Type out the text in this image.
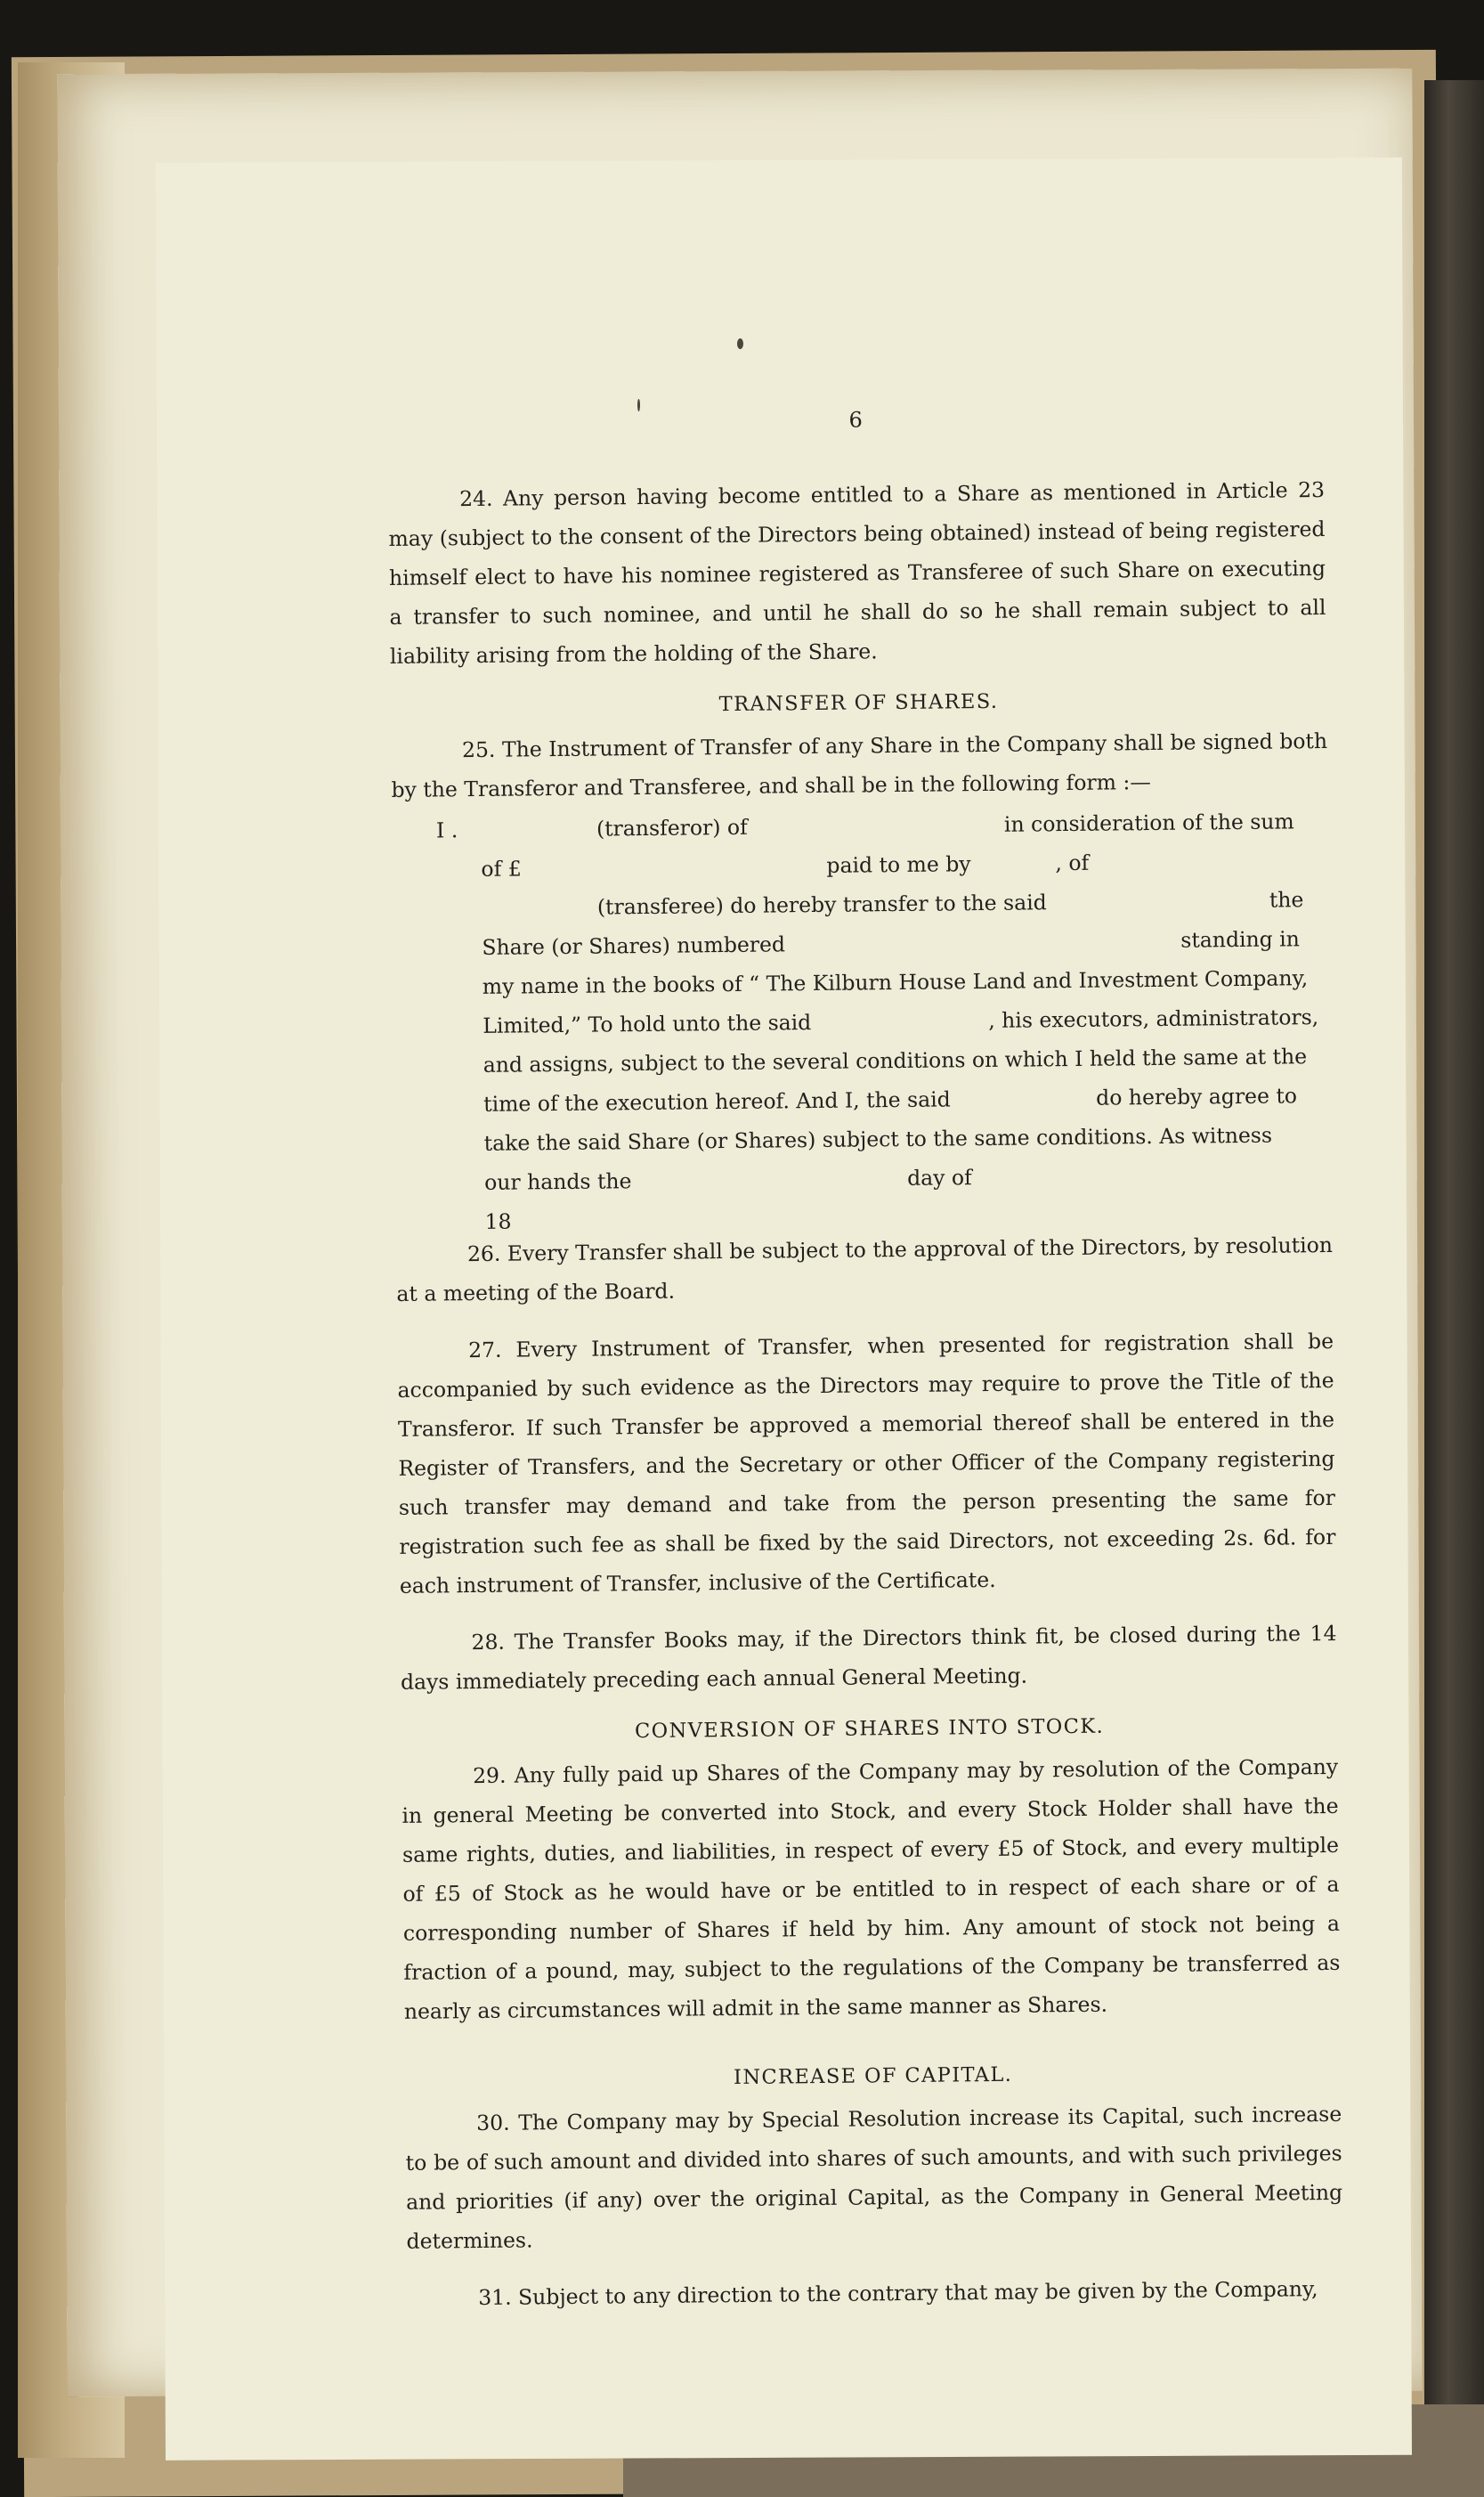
6

24. Any person having become entitled to a Share as mentioned in Article 23 may (subject to the consent of the Directors being obtained) instead of being registered himself elect to have his nominee registered as Transferee of such Share on executing a transfer to such nominee, and until he shall do so he shall remain subject to all liability arising from the holding of the Share.

TRANSFER OF SHARES.

25. The Instrument of Transfer of any Share in the Company shall be signed both by the Transferor and Transferee, and shall be in the following form :—

I .	(transferor) of	in consideration of the sum
of £	paid to me by	, of
(transferee) do hereby transfer to the said	the
Share (or Shares) numbered	standing in
my name in the books of “ The Kilburn House Land and Investment Company,
Limited,” To hold unto the said	, his executors, administrators,
and assigns, subject to the several conditions on which I held the same at the
time of the execution hereof. And I, the said	do hereby agree to
take the said Share (or Shares) subject to the same conditions. As witness
our hands the	day of
18

26. Every Transfer shall be subject to the approval of the Directors, by resolution at a meeting of the Board.

27. Every Instrument of Transfer, when presented for registration shall be accompanied by such evidence as the Directors may require to prove the Title of the Transferor. If such Transfer be approved a memorial thereof shall be entered in the Register of Transfers, and the Secretary or other Officer of the Company registering such transfer may demand and take from the person presenting the same for registration such fee as shall be fixed by the said Directors, not exceeding 2s. 6d. for each instrument of Transfer, inclusive of the Certificate.

28. The Transfer Books may, if the Directors think fit, be closed during the 14 days immediately preceding each annual General Meeting.

CONVERSION OF SHARES INTO STOCK.

29. Any fully paid up Shares of the Company may by resolution of the Company in general Meeting be converted into Stock, and every Stock Holder shall have the same rights, duties, and liabilities, in respect of every £5 of Stock, and every multiple of £5 of Stock as he would have or be entitled to in respect of each share or of a corresponding number of Shares if held by him. Any amount of stock not being a fraction of a pound, may, subject to the regulations of the Company be transferred as nearly as circumstances will admit in the same manner as Shares.

INCREASE OF CAPITAL.

30. The Company may by Special Resolution increase its Capital, such increase to be of such amount and divided into shares of such amounts, and with such privileges and priorities (if any) over the original Capital, as the Company in General Meeting determines.

31. Subject to any direction to the contrary that may be given by the Company,
